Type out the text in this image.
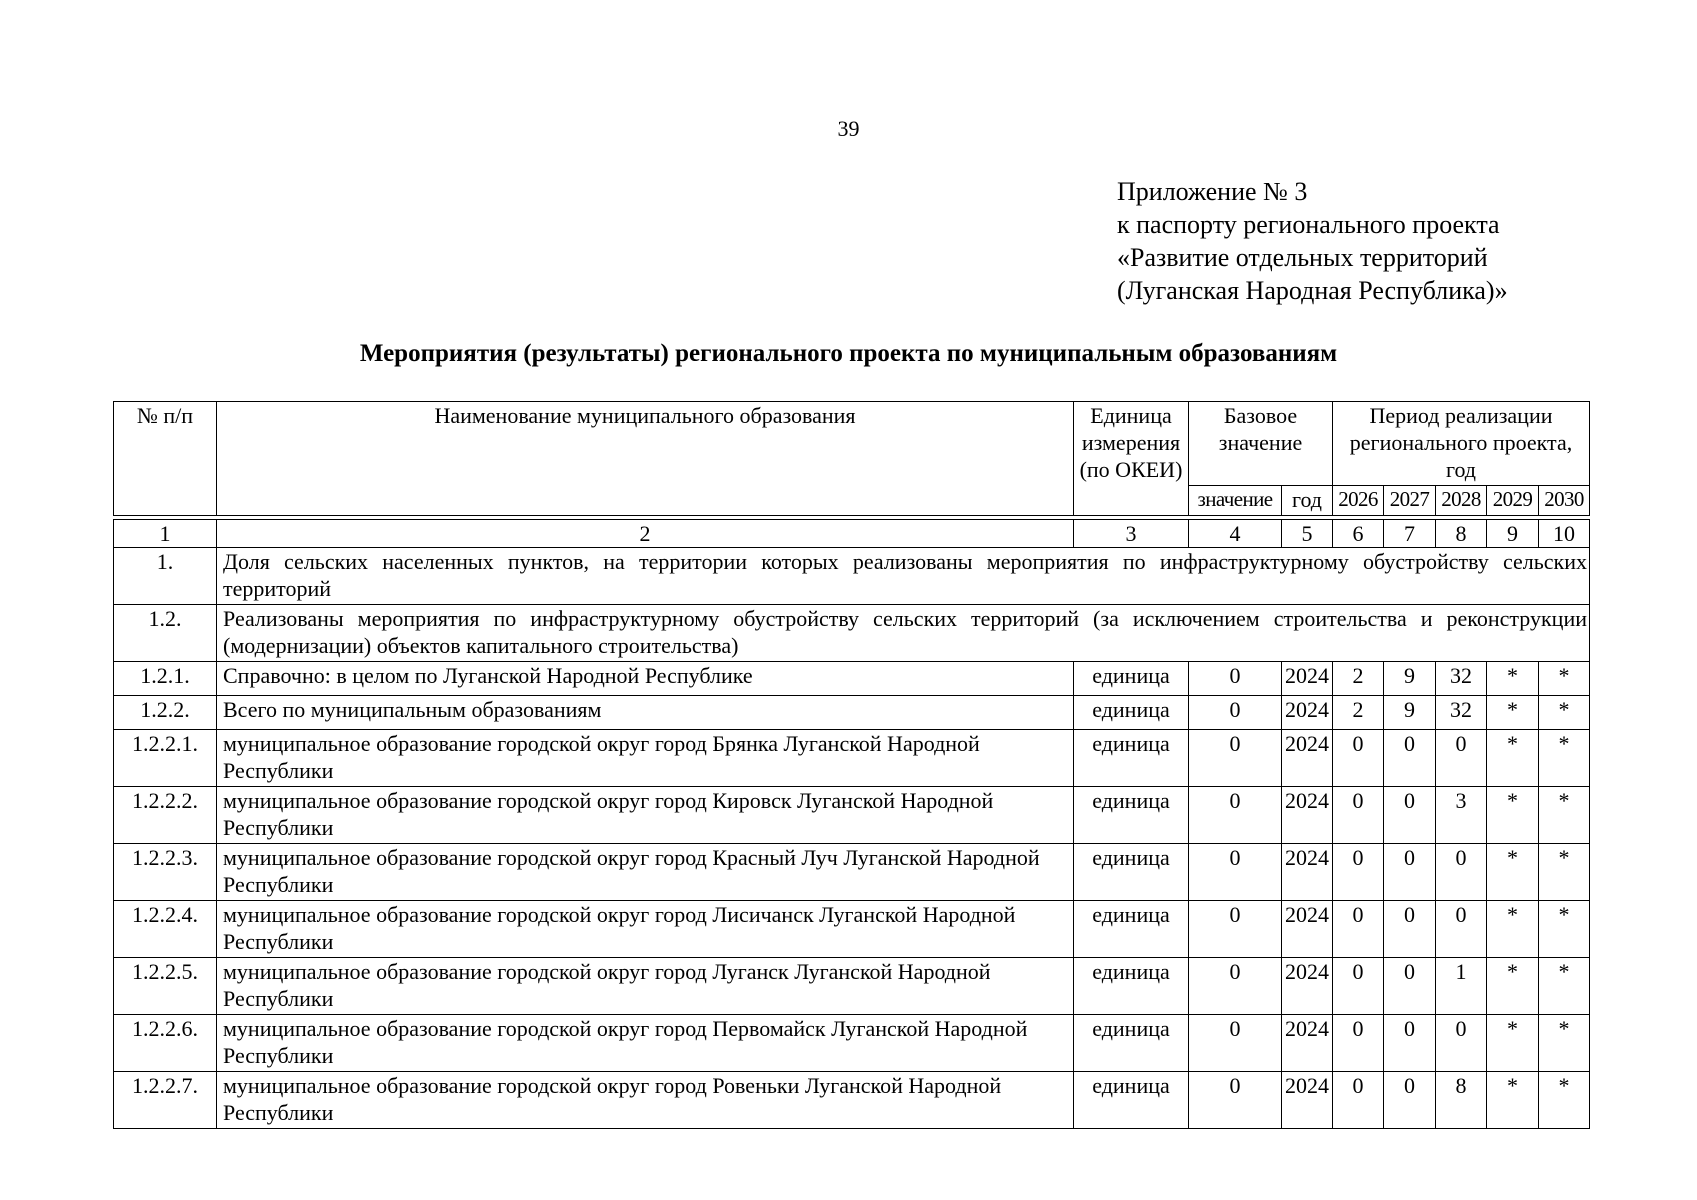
39
Приложение № 3
к паспорту регионального проекта
«Развитие отдельных территорий
(Луганская Народная Республика)»
Мероприятия (результаты) регионального проекта по муниципальным образованиям
№ п/п	Наименование муниципального образования	Единица измерения (по ОКЕИ)	Базовое значение		Период реализации регионального проекта, год				
			значение	год	2026	2027	2028	2029	2030

1	2	3	4	5	6	7	8	9	10
1.	Доля сельских населенных пунктов, на территории которых реализованы мероприятия по инфраструктурному обустройству сельских территорий								
1.2.	Реализованы мероприятия по инфраструктурному обустройству сельских территорий (за исключением строительства и реконструкции (модернизации) объектов капитального строительства)								
1.2.1.	Справочно: в целом по Луганской Народной Республике	единица	0	2024	2	9	32	*	*
1.2.2.	Всего по муниципальным образованиям	единица	0	2024	2	9	32	*	*
1.2.2.1.	муниципальное образование городской округ город Брянка Луганской Народной Республики	единица	0	2024	0	0	0	*	*
1.2.2.2.	муниципальное образование городской округ город Кировск Луганской Народной Республики	единица	0	2024	0	0	3	*	*
1.2.2.3.	муниципальное образование городской округ город Красный Луч Луганской Народной Республики	единица	0	2024	0	0	0	*	*
1.2.2.4.	муниципальное образование городской округ город Лисичанск Луганской Народной Республики	единица	0	2024	0	0	0	*	*
1.2.2.5.	муниципальное образование городской округ город Луганск Луганской Народной Республики	единица	0	2024	0	0	1	*	*
1.2.2.6.	муниципальное образование городской округ город Первомайск Луганской Народной Республики	единица	0	2024	0	0	0	*	*
1.2.2.7.	муниципальное образование городской округ город Ровеньки Луганской Народной Республики	единица	0	2024	0	0	8	*	*
